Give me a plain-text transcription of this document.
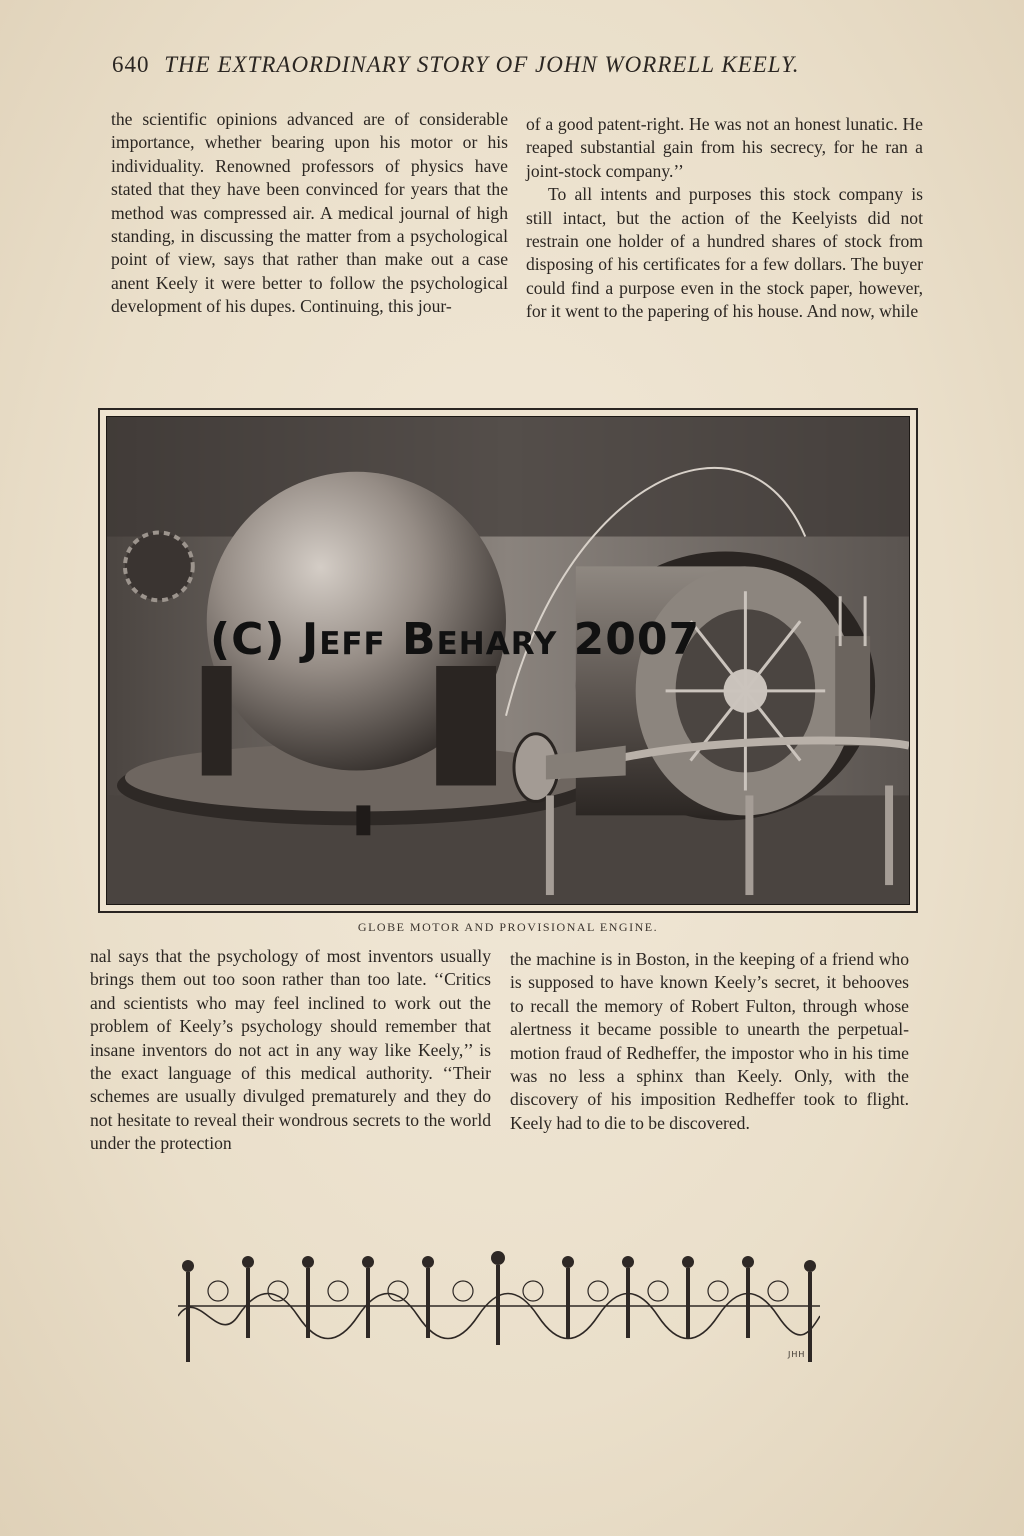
640 THE EXTRAORDINARY STORY OF JOHN WORRELL KEELY.

the scientific opinions advanced are of considerable importance, whether bearing upon his motor or his individuality. Renowned professors of physics have stated that they have been convinced for years that the method was compressed air. A medical journal of high standing, in discussing the matter from a psychological point of view, says that rather than make out a case anent Keely it were better to follow the psychological development of his dupes. Continuing, this jour-

of a good patent-right. He was not an honest lunatic. He reaped substantial gain from his secrecy, for he ran a joint-stock company.’’

To all intents and purposes this stock company is still intact, but the action of the Keelyists did not restrain one holder of a hundred shares of stock from disposing of his certificates for a few dollars. The buyer could find a purpose even in the stock paper, however, for it went to the papering of his house. And now, while

(C) Jeff Behary 2007
GLOBE MOTOR AND PROVISIONAL ENGINE.

nal says that the psychology of most inventors usually brings them out too soon rather than too late. ‘‘Critics and scientists who may feel inclined to work out the problem of Keely’s psychology should remember that insane inventors do not act in any way like Keely,’’ is the exact language of this medical authority. ‘‘Their schemes are usually divulged prematurely and they do not hesitate to reveal their wondrous secrets to the world under the protection

the machine is in Boston, in the keeping of a friend who is supposed to have known Keely’s secret, it behooves to recall the memory of Robert Fulton, through whose alertness it became possible to unearth the perpetual-motion fraud of Redheffer, the impostor who in his time was no less a sphinx than Keely. Only, with the discovery of his imposition Redheffer took to flight. Keely had to die to be discovered.

JHH
